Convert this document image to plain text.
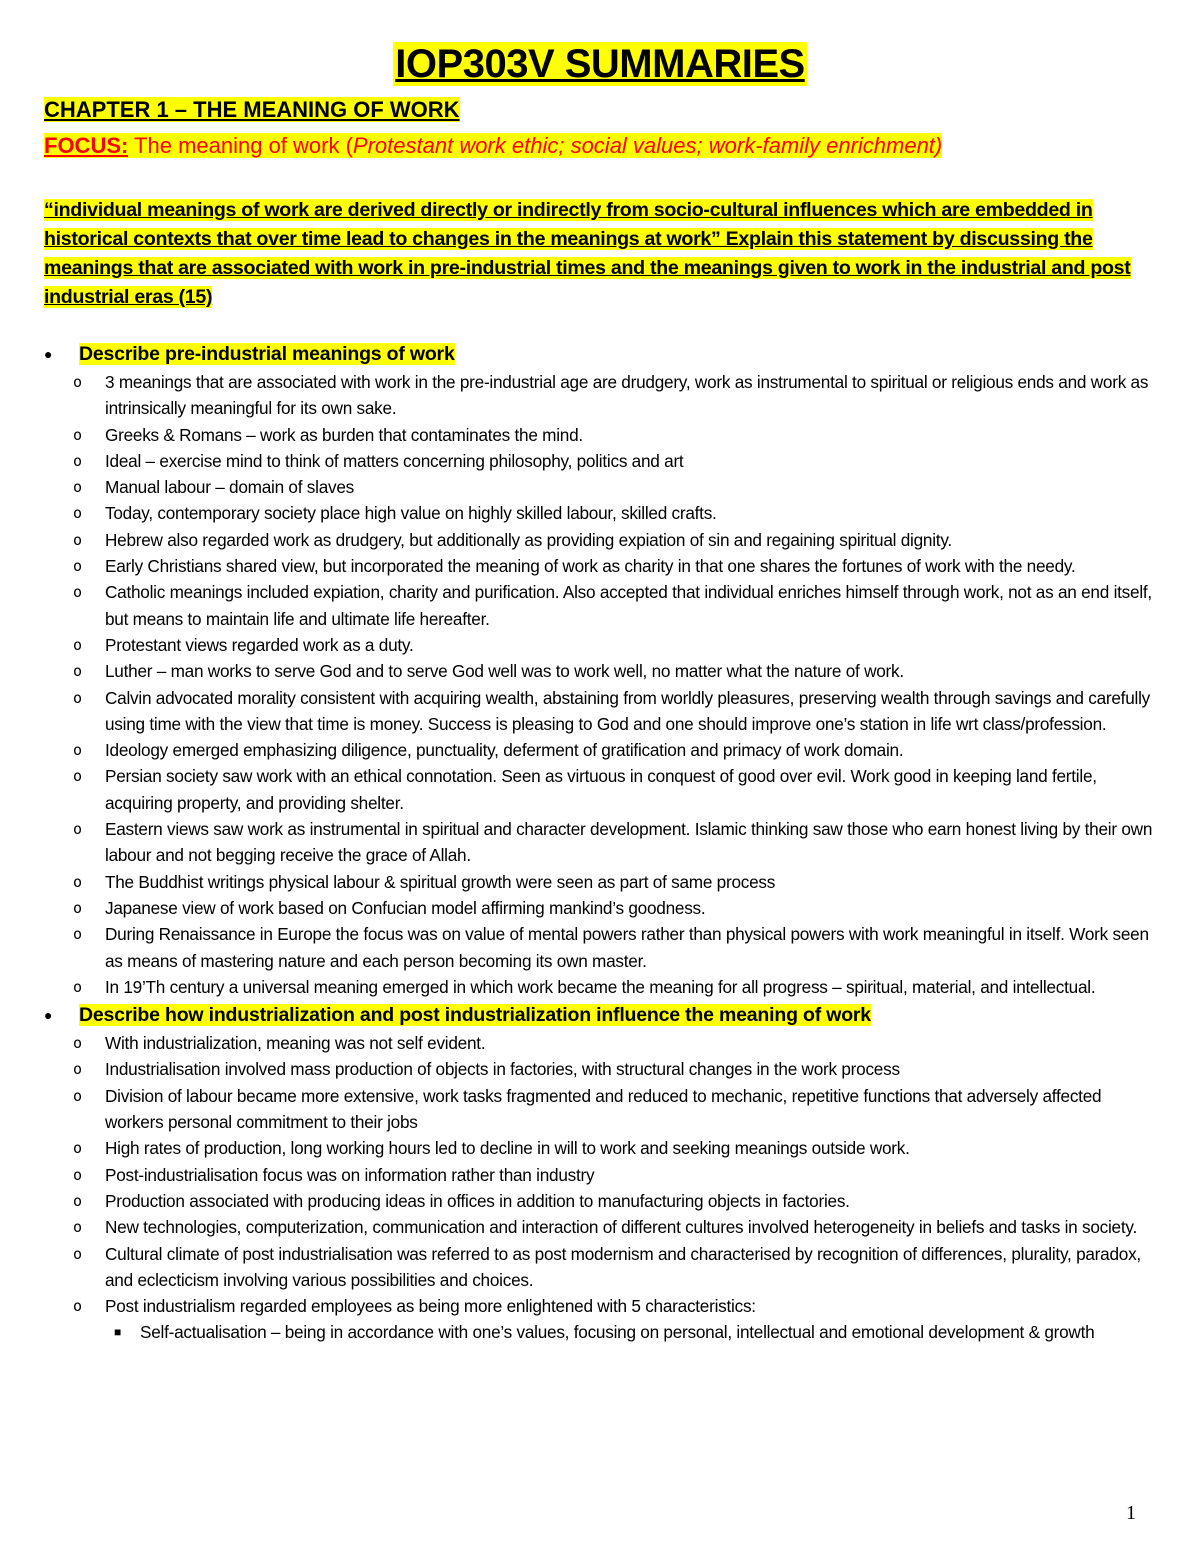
IOP303V SUMMARIES
CHAPTER 1 – THE MEANING OF WORK
FOCUS: The meaning of work (Protestant work ethic; social values; work-family enrichment)
“individual meanings of work are derived directly or indirectly from socio-cultural influences which are embedded in historical contexts that over time lead to changes in the meanings at work” Explain this statement by discussing the meanings that are associated with work in pre-industrial times and the meanings given to work in the industrial and post industrial eras (15)
● Describe pre-industrial meanings of work
o 3 meanings that are associated with work in the pre-industrial age are drudgery, work as instrumental to spiritual or religious ends and work as intrinsically meaningful for its own sake.
o Greeks & Romans – work as burden that contaminates the mind.
o Ideal – exercise mind to think of matters concerning philosophy, politics and art
o Manual labour – domain of slaves
o Today, contemporary society place high value on highly skilled labour, skilled crafts.
o Hebrew also regarded work as drudgery, but additionally as providing expiation of sin and regaining spiritual dignity.
o Early Christians shared view, but incorporated the meaning of work as charity in that one shares the fortunes of work with the needy.
o Catholic meanings included expiation, charity and purification. Also accepted that individual enriches himself through work, not as an end itself, but means to maintain life and ultimate life hereafter.
o Protestant views regarded work as a duty.
o Luther – man works to serve God and to serve God well was to work well, no matter what the nature of work.
o Calvin advocated morality consistent with acquiring wealth, abstaining from worldly pleasures, preserving wealth through savings and carefully using time with the view that time is money. Success is pleasing to God and one should improve one’s station in life wrt class/profession.
o Ideology emerged emphasizing diligence, punctuality, deferment of gratification and primacy of work domain.
o Persian society saw work with an ethical connotation. Seen as virtuous in conquest of good over evil. Work good in keeping land fertile, acquiring property, and providing shelter.
o Eastern views saw work as instrumental in spiritual and character development. Islamic thinking saw those who earn honest living by their own labour and not begging receive the grace of Allah.
o The Buddhist writings physical labour & spiritual growth were seen as part of same process
o Japanese view of work based on Confucian model affirming mankind’s goodness.
o During Renaissance in Europe the focus was on value of mental powers rather than physical powers with work meaningful in itself. Work seen as means of mastering nature and each person becoming its own master.
o In 19’Th century a universal meaning emerged in which work became the meaning for all progress – spiritual, material, and intellectual.
● Describe how industrialization and post industrialization influence the meaning of work
o With industrialization, meaning was not self evident.
o Industrialisation involved mass production of objects in factories, with structural changes in the work process
o Division of labour became more extensive, work tasks fragmented and reduced to mechanic, repetitive functions that adversely affected workers personal commitment to their jobs
o High rates of production, long working hours led to decline in will to work and seeking meanings outside work.
o Post-industrialisation focus was on information rather than industry
o Production associated with producing ideas in offices in addition to manufacturing objects in factories.
o New technologies, computerization, communication and interaction of different cultures involved heterogeneity in beliefs and tasks in society.
o Cultural climate of post industrialisation was referred to as post modernism and characterised by recognition of differences, plurality, paradox, and eclecticism involving various possibilities and choices.
o Post industrialism regarded employees as being more enlightened with 5 characteristics:
■ Self-actualisation – being in accordance with one’s values, focusing on personal, intellectual and emotional development & growth
1
